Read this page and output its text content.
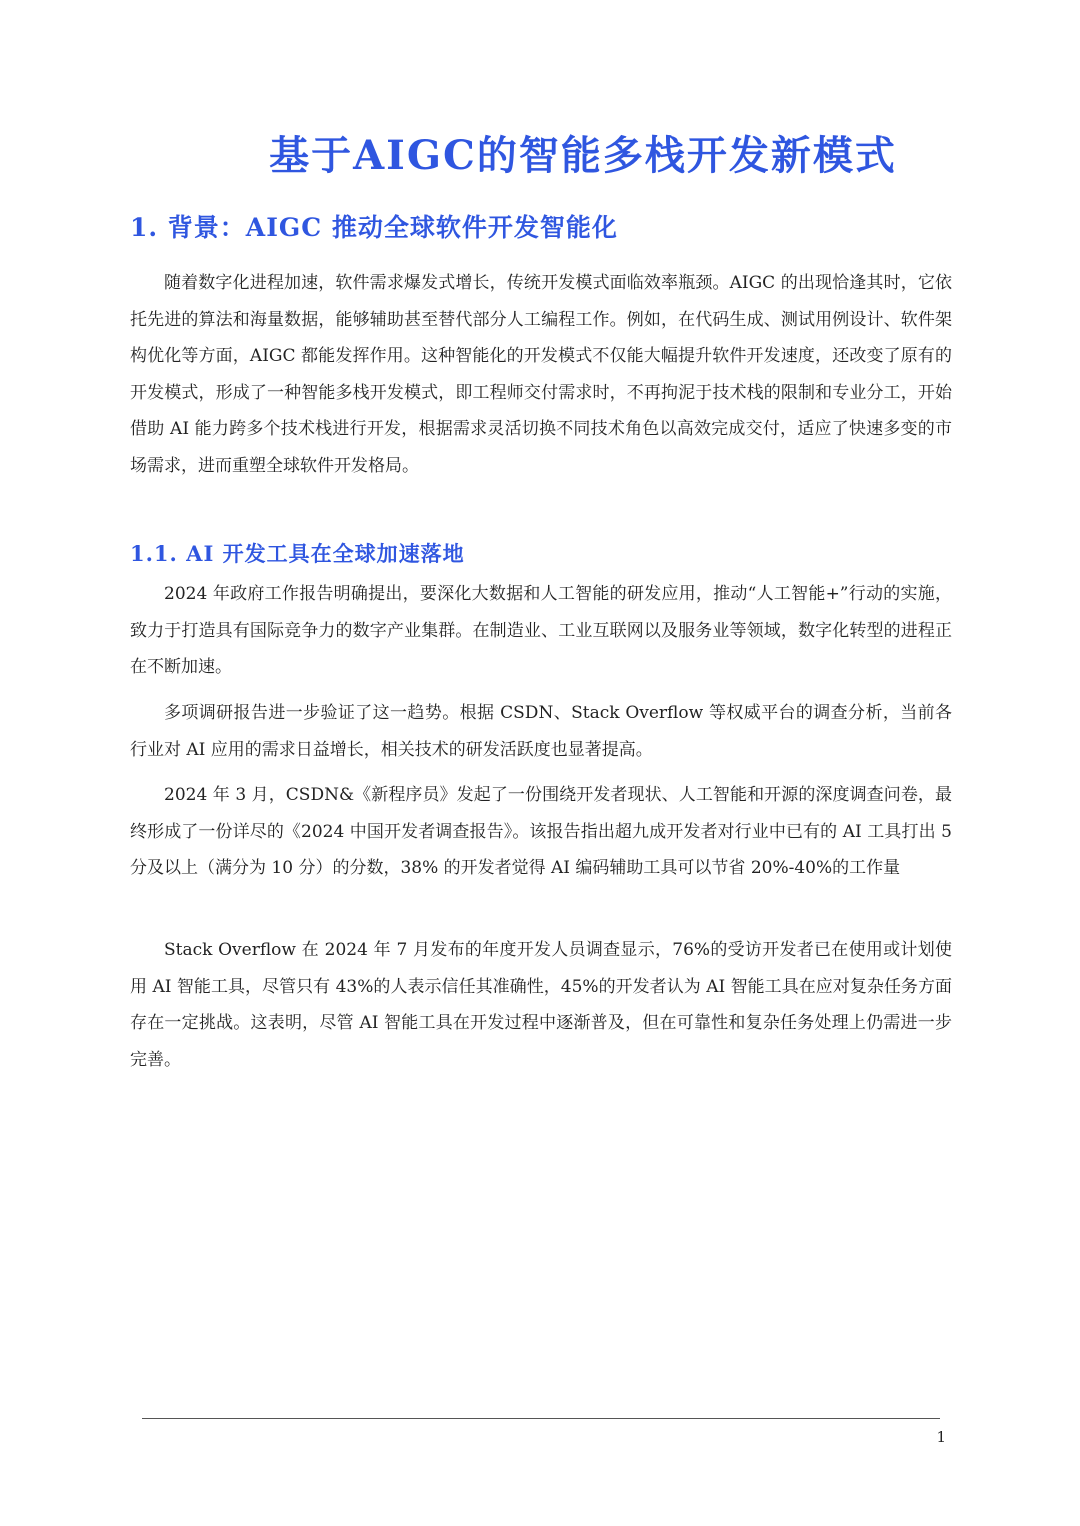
基于AIGC的智能多栈开发新模式
1. 背景：AIGC 推动全球软件开发智能化

随着数字化进程加速，软件需求爆发式增长，传统开发模式面临效率瓶颈。AIGC 的出现恰逢其时，它依托先进的算法和海量数据，能够辅助甚至替代部分人工编程工作。例如，在代码生成、测试用例设计、软件架构优化等方面，AIGC 都能发挥作用。这种智能化的开发模式不仅能大幅提升软件开发速度，还改变了原有的开发模式，形成了一种智能多栈开发模式，即工程师交付需求时，不再拘泥于技术栈的限制和专业分工，开始借助 AI 能力跨多个技术栈进行开发，根据需求灵活切换不同技术角色以高效完成交付，适应了快速多变的市场需求，进而重塑全球软件开发格局。

1.1. AI 开发工具在全球加速落地

2024 年政府工作报告明确提出，要深化大数据和人工智能的研发应用，推动“人工智能+”行动的实施，致力于打造具有国际竞争力的数字产业集群。在制造业、工业互联网以及服务业等领域，数字化转型的进程正在不断加速。

多项调研报告进一步验证了这一趋势。根据 CSDN、Stack Overflow 等权威平台的调查分析，当前各行业对 AI 应用的需求日益增长，相关技术的研发活跃度也显著提高。

2024 年 3 月，CSDN&《新程序员》发起了一份围绕开发者现状、人工智能和开源的深度调查问卷，最终形成了一份详尽的《2024 中国开发者调查报告》。该报告指出超九成开发者对行业中已有的 AI 工具打出 5 分及以上（满分为 10 分）的分数，38% 的开发者觉得 AI 编码辅助工具可以节省 20%-40%的工作量

Stack Overflow 在 2024 年 7 月发布的年度开发人员调查显示，76%的受访开发者已在使用或计划使用 AI 智能工具，尽管只有 43%的人表示信任其准确性，45%的开发者认为 AI 智能工具在应对复杂任务方面存在一定挑战。这表明，尽管 AI 智能工具在开发过程中逐渐普及，但在可靠性和复杂任务处理上仍需进一步完善。

1
